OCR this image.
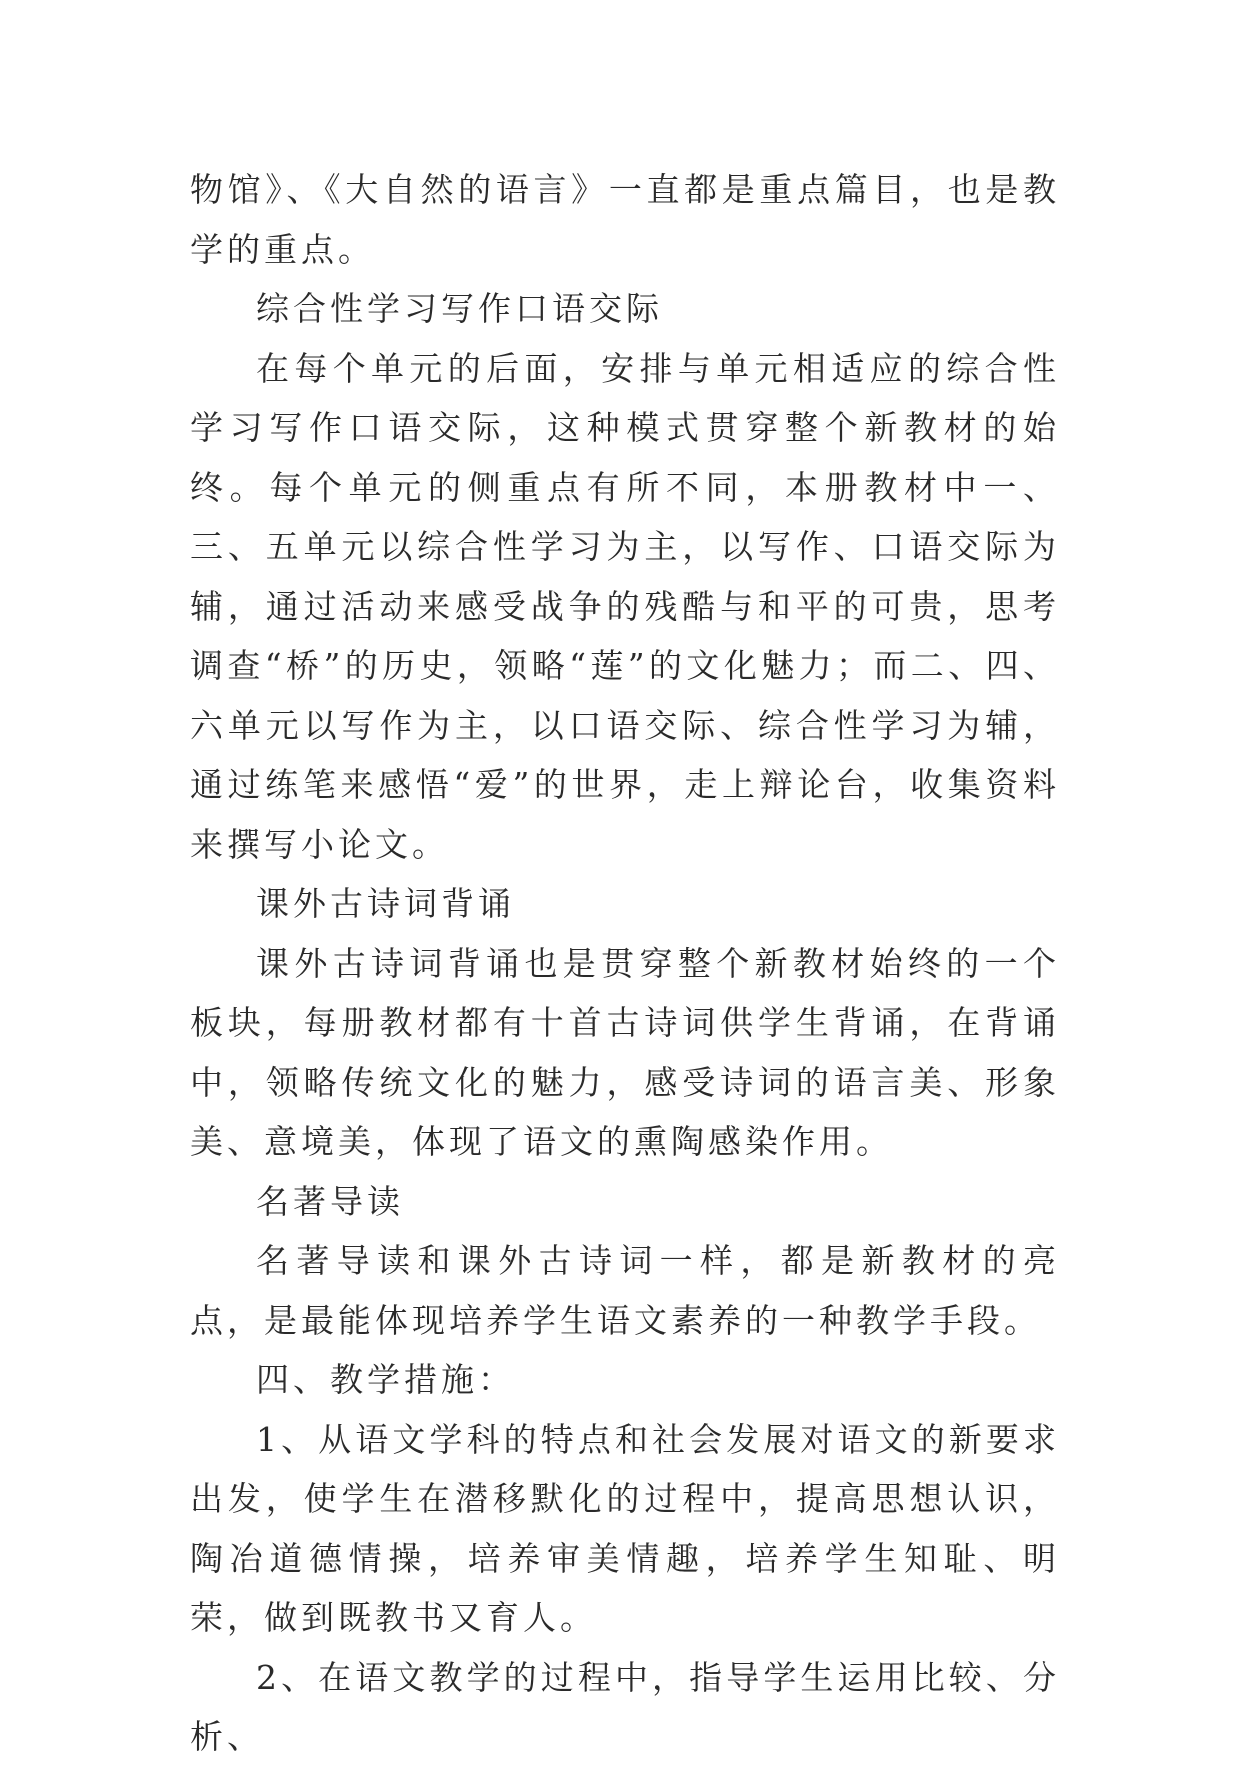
物馆》、《大自然的语言》一直都是重点篇目，也是教学的重点。

综合性学习写作口语交际

在每个单元的后面，安排与单元相适应的综合性学习写作口语交际，这种模式贯穿整个新教材的始终。每个单元的侧重点有所不同，本册教材中一、三、五单元以综合性学习为主，以写作、口语交际为辅，通过活动来感受战争的残酷与和平的可贵，思考调查“桥”的历史，领略“莲”的文化魅力；而二、四、六单元以写作为主，以口语交际、综合性学习为辅，通过练笔来感悟“爱”的世界，走上辩论台，收集资料来撰写小论文。

课外古诗词背诵

课外古诗词背诵也是贯穿整个新教材始终的一个板块，每册教材都有十首古诗词供学生背诵，在背诵中，领略传统文化的魅力，感受诗词的语言美、形象美、意境美，体现了语文的熏陶感染作用。

名著导读

名著导读和课外古诗词一样，都是新教材的亮点，是最能体现培养学生语文素养的一种教学手段。

四、教学措施：

1、从语文学科的特点和社会发展对语文的新要求出发，使学生在潜移默化的过程中，提高思想认识，陶冶道德情操，培养审美情趣，培养学生知耻、明荣，做到既教书又育人。

2、在语文教学的过程中，指导学生运用比较、分析、
